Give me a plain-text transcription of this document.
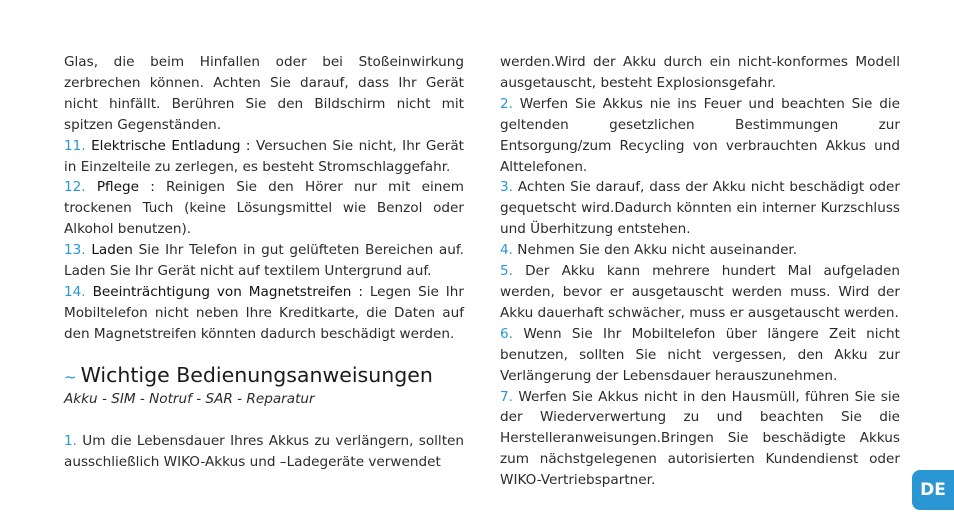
Glas, die beim Hinfallen oder bei Stoßeinwirkung zerbrechen können. Achten Sie darauf, dass Ihr Gerät nicht hinfällt. Berühren Sie den Bildschirm nicht mit spitzen Gegenständen.

11. Elektrische Entladung : Versuchen Sie nicht, Ihr Gerät in Einzelteile zu zerlegen, es besteht Stromschlaggefahr.

12. Pflege : Reinigen Sie den Hörer nur mit einem trockenen Tuch (keine Lösungsmittel wie Benzol oder Alkohol benutzen).

13. Laden Sie Ihr Telefon in gut gelüfteten Bereichen auf. Laden Sie Ihr Gerät nicht auf textilem Untergrund auf.

14. Beeinträchtigung von Magnetstreifen : Legen Sie Ihr Mobiltelefon nicht neben Ihre Kreditkarte, die Daten auf den Magnetstreifen könnten dadurch beschädigt werden.

~ Wichtige Bedienungsanweisungen
Akku - SIM - Notruf - SAR - Reparatur

1. Um die Lebensdauer Ihres Akkus zu verlängern, sollten ausschließlich WIKO-Akkus und –Ladegeräte verwendet

werden.Wird der Akku durch ein nicht-konformes Modell ausgetauscht, besteht Explosionsgefahr.

2. Werfen Sie Akkus nie ins Feuer und beachten Sie die geltenden gesetzlichen Bestimmungen zur Entsorgung/zum Recycling von verbrauchten Akkus und Alttelefonen.

3. Achten Sie darauf, dass der Akku nicht beschädigt oder gequetscht wird.Dadurch könnten ein interner Kurzschluss und Überhitzung entstehen.

4. Nehmen Sie den Akku nicht auseinander.

5. Der Akku kann mehrere hundert Mal aufgeladen werden, bevor er ausgetauscht werden muss. Wird der Akku dauerhaft schwächer, muss er ausgetauscht werden.

6. Wenn Sie Ihr Mobiltelefon über längere Zeit nicht benutzen, sollten Sie nicht vergessen, den Akku zur Verlängerung der Lebensdauer herauszunehmen.

7. Werfen Sie Akkus nicht in den Hausmüll, führen Sie sie der Wiederverwertung zu und beachten Sie die Herstelleranweisungen.Bringen Sie beschädigte Akkus zum nächstgelegenen autorisierten Kundendienst oder WIKO-Vertriebspartner.	DE
